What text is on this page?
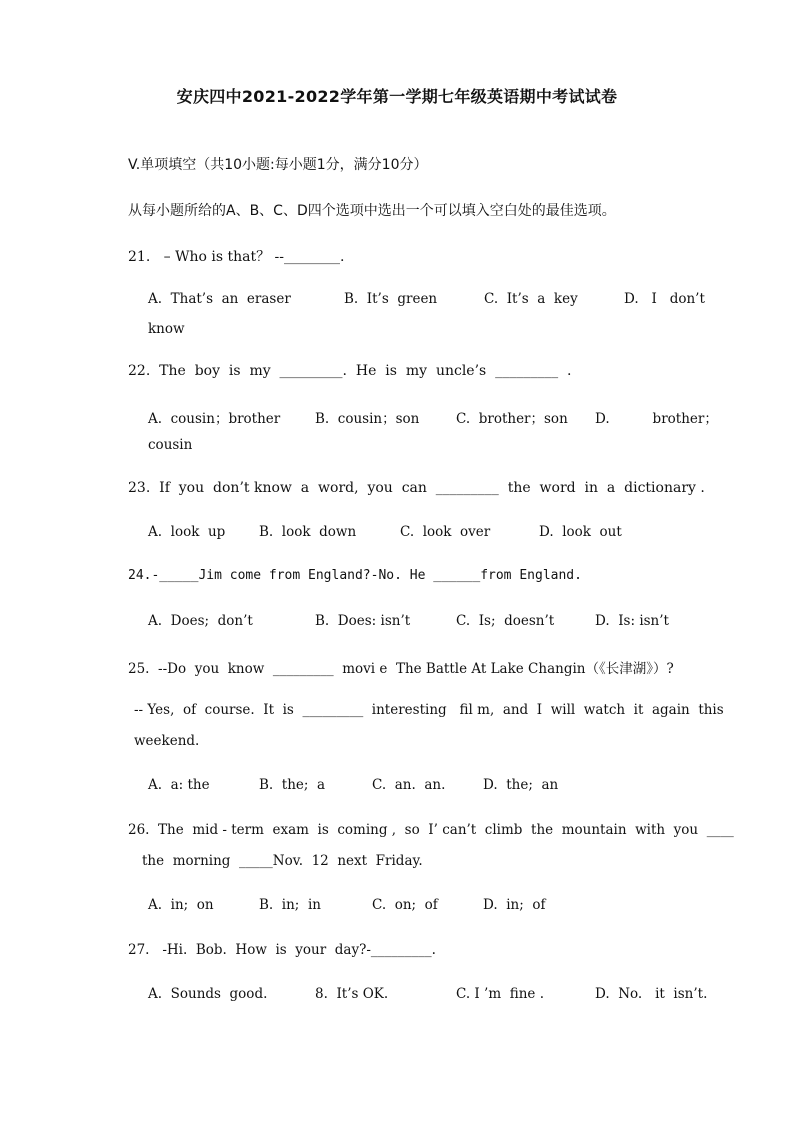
安庆四中2021-2022学年第一学期七年级英语期中考试试卷
V.单项填空（共10小题:每小题1分，满分10分）
从每小题所给的A、B、C、D四个选项中选出一个可以填入空白处的最佳选项。
21.   – Who is that？ --________.
A.  That’s  an  eraser	B.  It’s  green	C.  It’s  a  key	D.   I   don’t
know
22.  The  boy  is  my  _________.  He  is  my  uncle’s  _________  .
A.  cousin；brother	B.  cousin；son	C.  brother；son D.          brother；
cousin
23.  If  you  don’t know  a  word,  you  can  _________  the  word  in  a  dictionary .
A.  look  up B.  look  down	C.  look  over	D.  look  out
24.-_____Jim come from England?-No. He ______from England.
A.  Does;  don’t	B.  Does: isn’t	C.  Is;  doesn’t	D.  Is: isn’t
25.  --Do  you  know  _________  movi e  The Battle At Lake Changin（《长津湖》）?
-- Yes,  of  course.  It  is  _________  interesting   fil m,  and  I  will  watch  it  again  this
weekend.
A.  a: the	B.  the;  a	C.  an.  an.	D.  the;  an
26.  The  mid - term  exam  is  coming ,  so  I’ can’t  climb  the  mountain  with  you  ____
the  morning  _____Nov.  12  next  Friday.
A.  in;  on	B.  in;  in	C.  on;  of	D.  in;  of
27.   -Hi.  Bob.  How  is  your  day?-_________.
A.  Sounds  good.	8.  It’s OK.	C. I ’m  fine .	D.  No.   it  isn’t.
